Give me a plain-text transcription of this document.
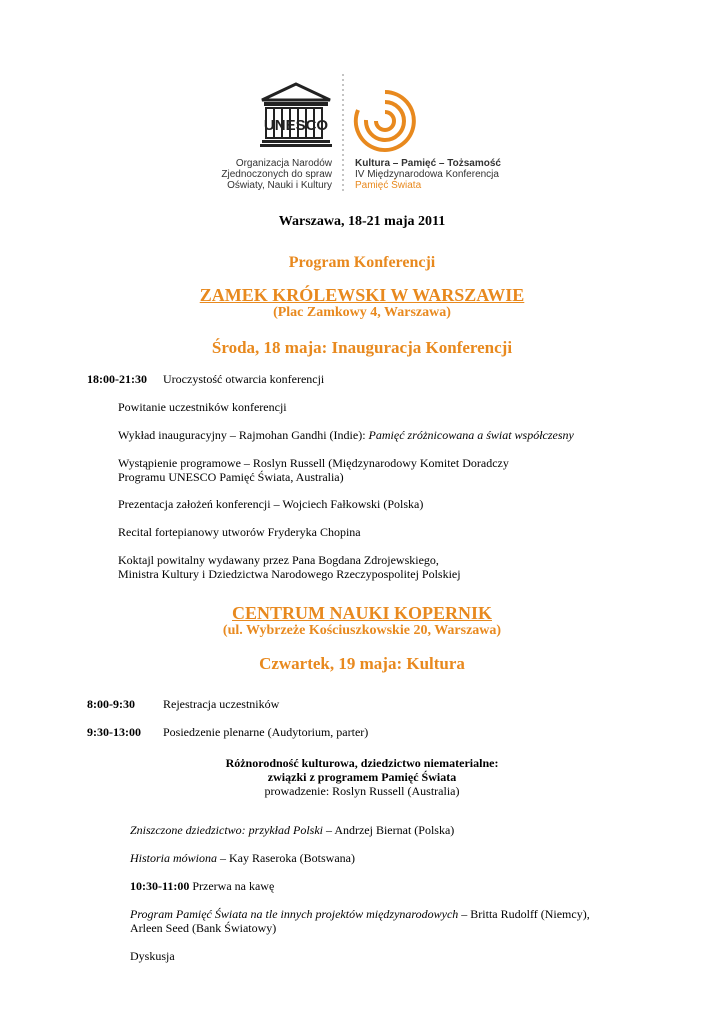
UNESCO
Organizacja Narodów
Zjednoczonych do spraw
Oświaty, Nauki i Kultury
Kultura – Pamięć – Tożsamość
IV Międzynarodowa Konferencja
Pamięć Świata
Warszawa, 18-21 maja 2011
Program Konferencji
ZAMEK KRÓLEWSKI W WARSZAWIE
(Plac Zamkowy 4, Warszawa)
Środa, 18 maja: Inauguracja Konferencji
18:00-21:30 Uroczystość otwarcia konferencji
Powitanie uczestników konferencji
Wykład inauguracyjny – Rajmohan Gandhi (Indie): Pamięć zróżnicowana a świat współczesny
Wystąpienie programowe – Roslyn Russell (Międzynarodowy Komitet Doradczy
Programu UNESCO Pamięć Świata, Australia)
Prezentacja założeń konferencji – Wojciech Fałkowski (Polska)
Recital fortepianowy utworów Fryderyka Chopina
Koktajl powitalny wydawany przez Pana Bogdana Zdrojewskiego,
Ministra Kultury i Dziedzictwa Narodowego Rzeczypospolitej Polskiej
CENTRUM NAUKI KOPERNIK
(ul. Wybrzeże Kościuszkowskie 20, Warszawa)
Czwartek, 19 maja: Kultura
8:00-9:30 Rejestracja uczestników
9:30-13:00 Posiedzenie plenarne (Audytorium, parter)
Różnorodność kulturowa, dziedzictwo niematerialne:
związki z programem Pamięć Świata
prowadzenie: Roslyn Russell (Australia)
Zniszczone dziedzictwo: przykład Polski – Andrzej Biernat (Polska)
Historia mówiona – Kay Raseroka (Botswana)
10:30-11:00 Przerwa na kawę
Program Pamięć Świata na tle innych projektów międzynarodowych – Britta Rudolff (Niemcy),
Arleen Seed (Bank Światowy)
Dyskusja
